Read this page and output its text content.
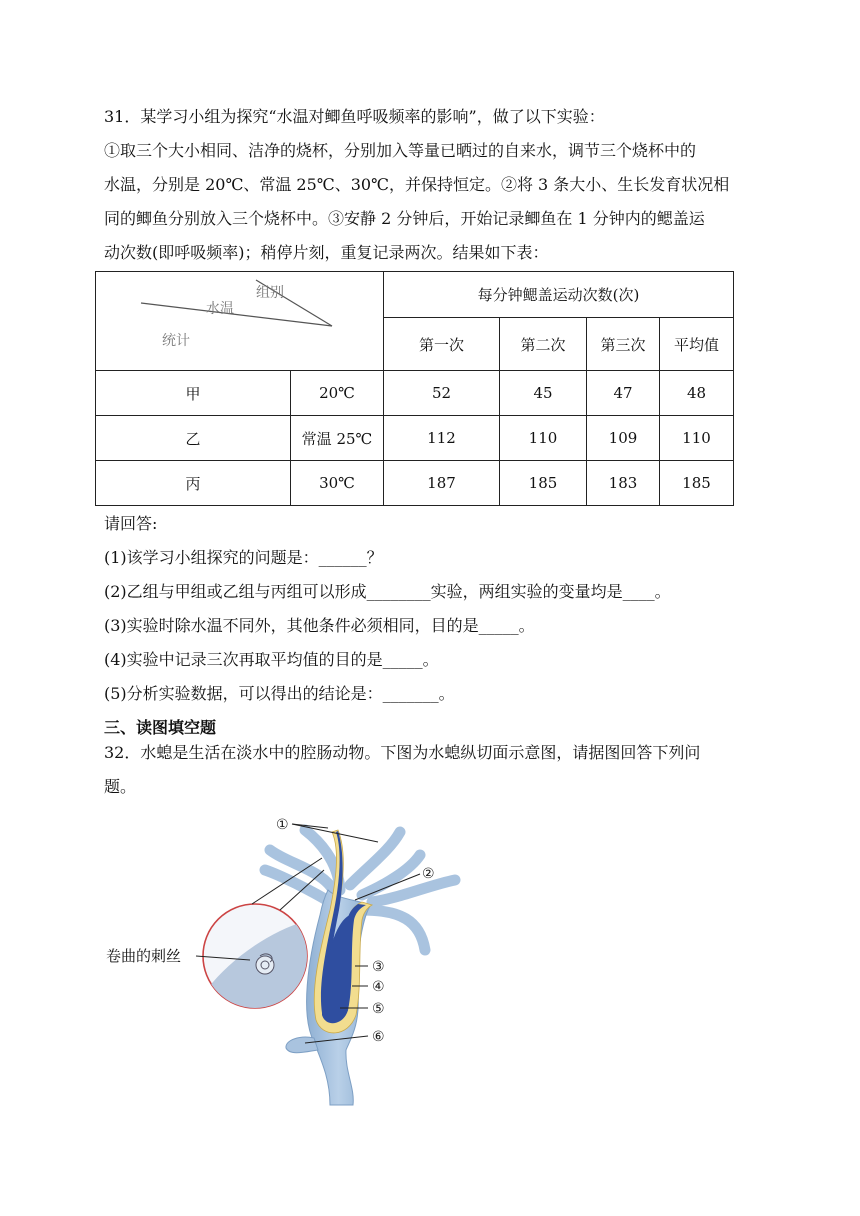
31．某学习小组为探究“水温对鲫鱼呼吸频率的影响”，做了以下实验：
①取三个大小相同、洁净的烧杯，分别加入等量已晒过的自来水，调节三个烧杯中的
水温，分别是 20℃、常温 25℃、30℃，并保持恒定。②将 3 条大小、生长发育状况相
同的鲫鱼分别放入三个烧杯中。③安静 2 分钟后，开始记录鲫鱼在 1 分钟内的鳃盖运
动次数(即呼吸频率)；稍停片刻，重复记录两次。结果如下表：
组别
水温
统计		每分钟鳃盖运动次数(次)			
		第一次	第二次	第三次	平均值
甲	20℃	52	45	47	48
乙	常温 25℃	112	110	109	110
丙	30℃	187	185	183	185
请回答:
(1)该学习小组探究的问题是：______？
(2)乙组与甲组或乙组与丙组可以形成________实验，两组实验的变量均是____。
(3)实验时除水温不同外，其他条件必须相同，目的是_____。
(4)实验中记录三次再取平均值的目的是_____。
(5)分析实验数据，可以得出的结论是：_______。
三、读图填空题
32．水螅是生活在淡水中的腔肠动物。下图为水螅纵切面示意图，请据图回答下列问
题。
①
②
③
④
⑤
⑥
卷曲的刺丝
